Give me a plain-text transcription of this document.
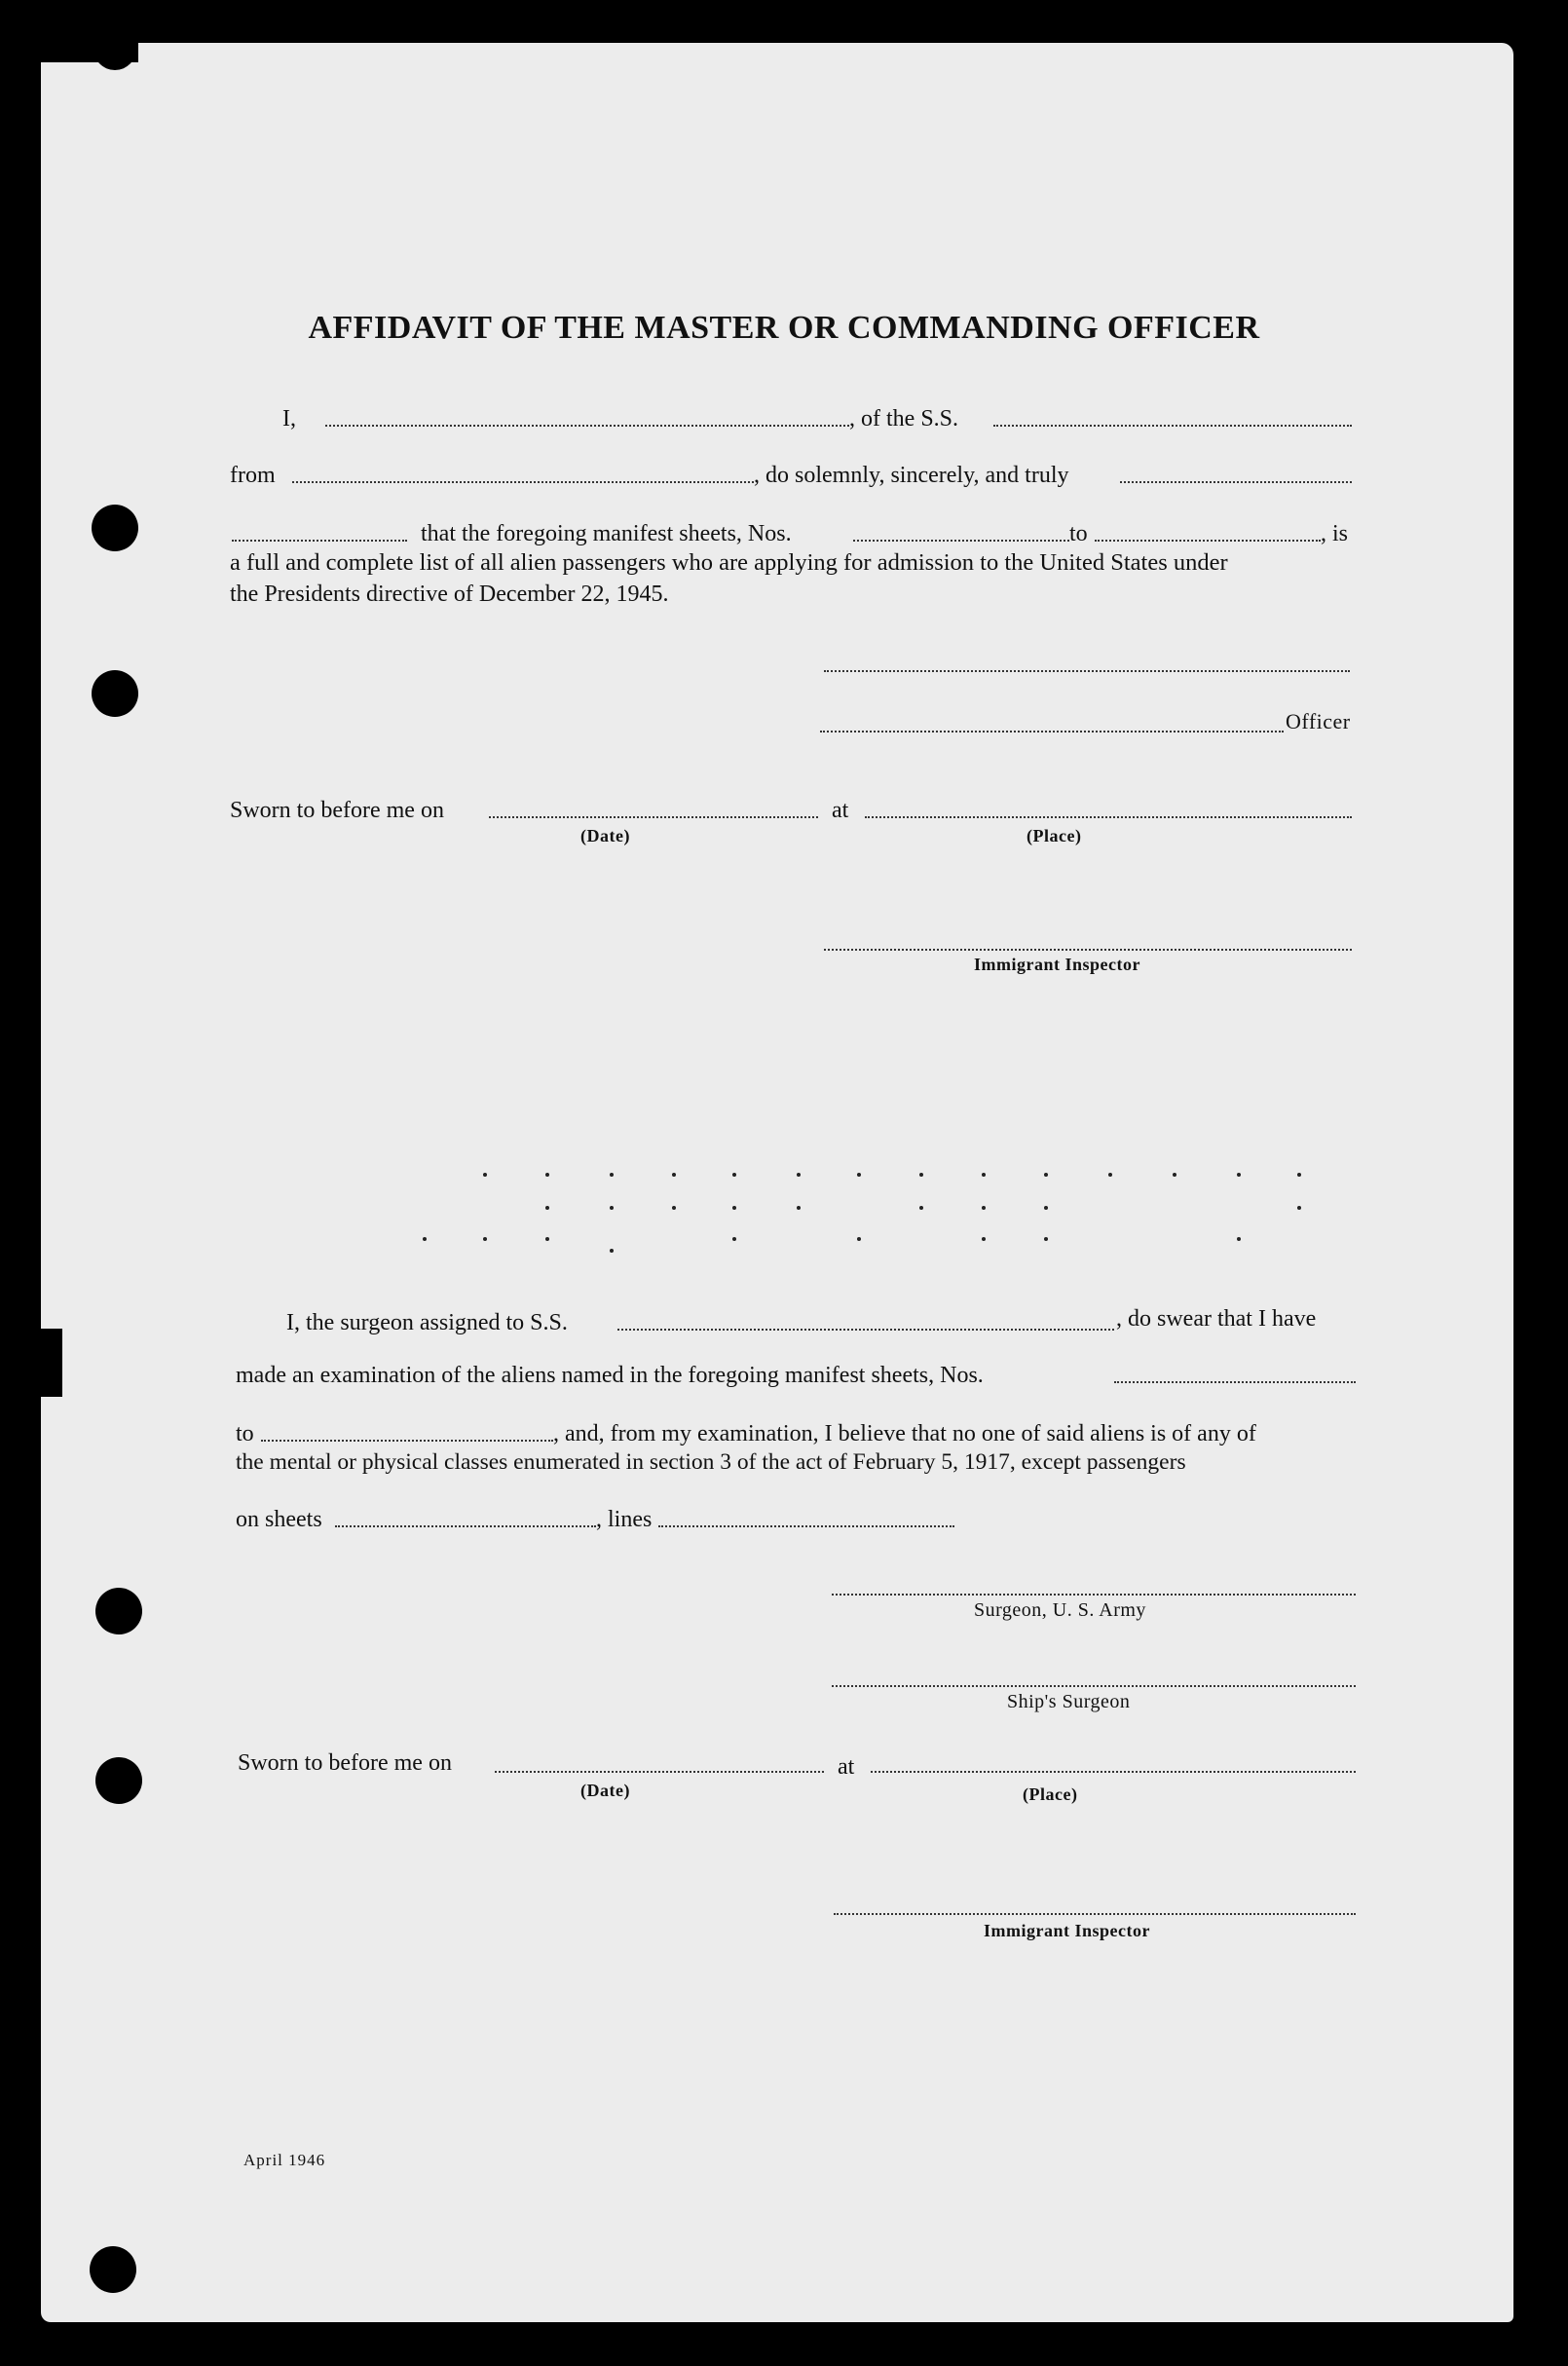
AFFIDAVIT OF THE MASTER OR COMMANDING OFFICER
I,	, of the S.S.
from	, do solemnly, sincerely, and truly
that the foregoing manifest sheets, Nos.	to	, is
a full and complete list of all alien passengers who are applying for admission to the United States under
the Presidents directive of December 22, 1945.
Officer
Sworn to before me on	at
(Date)	(Place)
Immigrant Inspector
I, the surgeon assigned to S.S.	, do swear that I have
made an examination of the aliens named in the foregoing manifest sheets, Nos.
to	, and, from my examination, I believe that no one of said aliens is of any of
the mental or physical classes enumerated in section 3 of the act of February 5, 1917, except passengers
on sheets	, lines
Surgeon, U. S. Army
Ship's Surgeon
Sworn to before me on	at
(Date)	(Place)
Immigrant Inspector
April 1946
